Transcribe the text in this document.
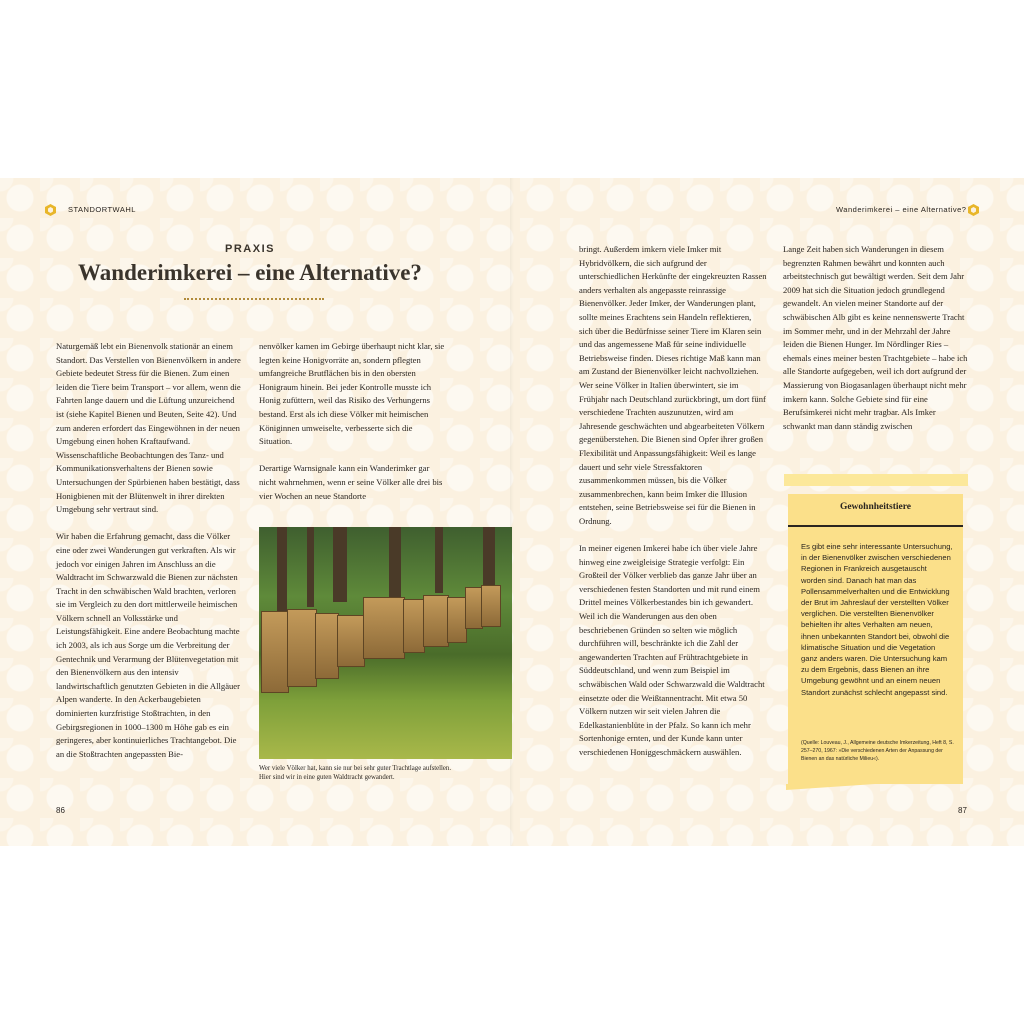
STANDORTWAHL
PRAXIS
Wanderimkerei – eine Alternative?

Naturgemäß lebt ein Bienenvolk stationär an einem Standort. Das Verstellen von Bienenvölkern in andere Gebiete bedeutet Stress für die Bienen. Zum einen leiden die Tiere beim Transport – vor allem, wenn die Fahrten lange dauern und die Lüftung unzureichend ist (siehe Kapitel Bienen und Beuten, Seite 42). Und zum anderen erfordert das Eingewöhnen in der neuen Umgebung einen hohen Kraftaufwand. Wissenschaftliche Beobachtungen des Tanz- und Kommunikationsverhaltens der Bienen sowie Untersuchungen der Spürbienen haben bestätigt, dass Honigbienen mit der Blütenwelt in ihrer direkten Umgebung sehr vertraut sind.

Wir haben die Erfahrung gemacht, dass die Völker eine oder zwei Wanderungen gut verkraften. Als wir jedoch vor einigen Jahren im Anschluss an die Waldtracht im Schwarzwald die Bienen zur nächsten Tracht in den schwäbischen Wald brachten, verloren sie im Vergleich zu den dort mittlerweile heimischen Völkern schnell an Volksstärke und Leistungsfähigkeit. Eine andere Beobachtung machte ich 2003, als ich aus Sorge um die Verbreitung der Gentechnik und Verarmung der Blütenvegetation mit den Bienenvölkern aus den intensiv landwirtschaftlich genutzten Gebieten in die Allgäuer Alpen wanderte. In den Ackerbaugebieten dominierten kurzfristige Stoßtrachten, in den Gebirgsregionen in 1000–1300 m Höhe gab es ein geringeres, aber kontinuierliches Trachtangebot. Die an die Stoßtrachten angepassten Bie-

nenvölker kamen im Gebirge überhaupt nicht klar, sie legten keine Honigvorräte an, sondern pflegten umfangreiche Brutflächen bis in den obersten Honigraum hinein. Bei jeder Kontrolle musste ich Honig zufüttern, weil das Risiko des Verhungerns bestand. Erst als ich diese Völker mit heimischen Königinnen umweiselte, verbesserte sich die Situation.

Derartige Warnsignale kann ein Wanderimker gar nicht wahrnehmen, wenn er seine Völker alle drei bis vier Wochen an neue Standorte

Wer viele Völker hat, kann sie nur bei sehr guter Trachtlage aufstellen. Hier sind wir in eine guten Waldtracht gewandert.
86
Wanderimkerei – eine Alternative?

bringt. Außerdem imkern viele Imker mit Hybridvölkern, die sich aufgrund der unterschiedlichen Herkünfte der eingekreuzten Rassen anders verhalten als angepasste reinrassige Bienenvölker. Jeder Imker, der Wanderungen plant, sollte meines Erachtens sein Handeln reflektieren, sich über die Bedürfnisse seiner Tiere im Klaren sein und das angemessene Maß für seine individuelle Betriebsweise finden. Dieses richtige Maß kann man am Zustand der Bienenvölker leicht nachvollziehen. Wer seine Völker in Italien überwintert, sie im Frühjahr nach Deutschland zurückbringt, um dort fünf verschiedene Trachten auszunutzen, wird am Jahresende geschwächten und abgearbeiteten Völkern gegenüberstehen. Die Bienen sind Opfer ihrer großen Flexibilität und Anpassungsfähigkeit: Weil es lange dauert und sehr viele Stressfaktoren zusammenkommen müssen, bis die Völker zusammenbrechen, kann beim Imker die Illusion entstehen, seine Betriebsweise sei für die Bienen in Ordnung.

In meiner eigenen Imkerei habe ich über viele Jahre hinweg eine zweigleisige Strategie verfolgt: Ein Großteil der Völker verblieb das ganze Jahr über an verschiedenen festen Standorten und mit rund einem Drittel meines Völkerbestandes bin ich gewandert. Weil ich die Wanderungen aus den oben beschriebenen Gründen so selten wie möglich durchführen will, beschränkte ich die Zahl der angewanderten Trachten auf Frühtrachtgebiete in Süddeutschland, und wenn zum Beispiel im schwäbischen Wald oder Schwarzwald die Waldtracht einsetzte oder die Weißtannentracht. Mit etwa 50 Völkern nutzen wir seit vielen Jahren die Edelkastanienblüte in der Pfalz. So kann ich mehr Sortenhonige ernten, und der Kunde kann unter verschiedenen Honiggeschmäckern auswählen.

Lange Zeit haben sich Wanderungen in diesem begrenzten Rahmen bewährt und konnten auch arbeitstechnisch gut bewältigt werden. Seit dem Jahr 2009 hat sich die Situation jedoch grundlegend gewandelt. An vielen meiner Standorte auf der schwäbischen Alb gibt es keine nennenswerte Tracht im Sommer mehr, und in der Mehrzahl der Jahre leiden die Bienen Hunger. Im Nördlinger Ries – ehemals eines meiner besten Trachtgebiete – habe ich alle Standorte aufgegeben, weil ich dort aufgrund der Massierung von Biogasanlagen überhaupt nicht mehr imkern kann. Solche Gebiete sind für eine Berufsimkerei nicht mehr tragbar. Als Imker schwankt man dann ständig zwischen

Gewohnheitstiere
Es gibt eine sehr interessante Untersuchung, in der Bienenvölker zwischen verschiedenen Regionen in Frankreich ausgetauscht worden sind. Danach hat man das Pollensammelverhalten und die Entwicklung der Brut im Jahreslauf der verstellten Völker verglichen. Die verstellten Bienenvölker behielten ihr altes Verhalten am neuen, ihnen unbekannten Standort bei, obwohl die klimatische Situation und die Vegetation ganz anders waren. Die Untersuchung kam zu dem Ergebnis, dass Bienen an ihre Umgebung gewöhnt und an einem neuen Standort zunächst schlecht angepasst sind.
(Quelle: Louveau, J., Allgemeine deutsche Imkerzeitung, Heft 8, S. 257–270, 1967: »Die verschiedenen Arten der Anpassung der Bienen an das natürliche Milieu«).
87
